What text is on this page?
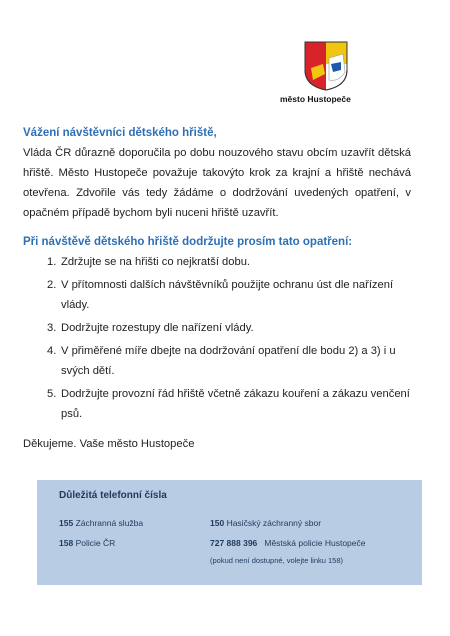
město Hustopeče
Vážení návštěvníci dětského hřiště,

Vláda ČR důrazně doporučila po dobu nouzového stavu obcím uzavřít dětská hřiště. Město Hustopeče považuje takovýto krok za krajní a hřiště nechává otevřena. Zdvořile vás tedy žádáme o dodržování uvedených opatření, v opačném případě bychom byli nuceni hřiště uzavřít.

Při návštěvě dětského hřiště dodržujte prosím tato opatření:
1. Zdržujte se na hřišti co nejkratší dobu.
2. V přítomnosti dalších návštěvníků použijte ochranu úst dle nařízení vlády.
3. Dodržujte rozestupy dle nařízení vlády.
4. V přiměřené míře dbejte na dodržování opatření dle bodu 2) a 3) i u svých dětí.
5. Dodržujte provozní řád hřiště včetně zákazu kouření a zákazu venčení psů.
Děkujeme. Vaše město Hustopeče
Důležitá telefonní čísla
155 Záchranná služba
158 Policie ČR
150 Hasičský záchranný sbor
727 888 396 Městská policie Hustopeče
(pokud není dostupné, volejte linku 158)
